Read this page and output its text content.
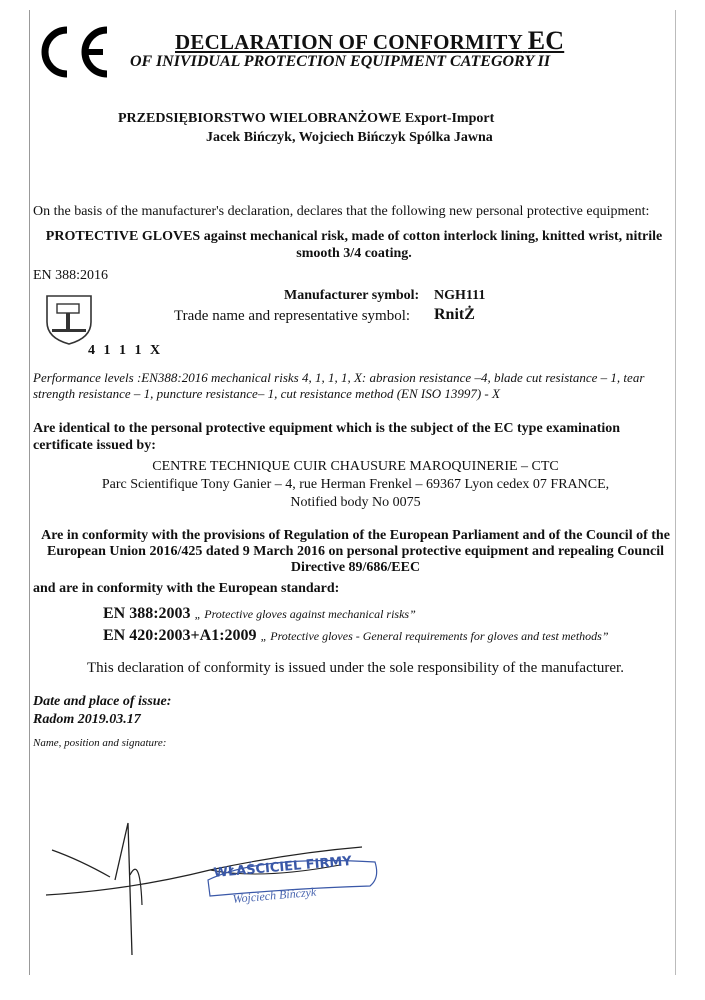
DECLARATION OF CONFORMITY EC
OF INIVIDUAL PROTECTION EQUIPMENT CATEGORY II
PRZEDSIĘBIORSTWO WIELOBRANŻOWE Export-Import
Jacek Bińczyk, Wojciech Bińczyk Spólka Jawna
On the basis of the manufacturer's declaration, declares that the following new personal protective equipment:
PROTECTIVE GLOVES against mechanical risk, made of cotton interlock lining, knitted wrist, nitrile smooth 3/4 coating.
EN 388:2016
4 1 1 1 X
Manufacturer symbol: NGH111
Trade name and representative symbol: RnitŻ
Performance levels :EN388:2016 mechanical risks 4, 1, 1, 1, X: abrasion resistance –4, blade cut resistance – 1, tear strength resistance – 1, puncture resistance– 1, cut resistance method (EN ISO 13997) - X
Are identical to the personal protective equipment which is the subject of the EC type examination certificate issued by:
CENTRE TECHNIQUE CUIR CHAUSURE MAROQUINERIE – CTC
Parc Scientifique Tony Ganier – 4, rue Herman Frenkel – 69367 Lyon cedex 07 FRANCE,
Notified body No 0075
Are in conformity with the provisions of Regulation of the European Parliament and of the Council of the European Union 2016/425 dated 9 March 2016 on personal protective equipment and repealing Council Directive 89/686/EEC
and are in conformity with the European standard:
EN 388:2003 „ Protective gloves against mechanical risks”
EN 420:2003+A1:2009 „ Protective gloves - General requirements for gloves and test methods”
This declaration of conformity is issued under the sole responsibility of the manufacturer.
Date and place of issue:
Radom 2019.03.17
Name, position and signature:
WŁAŚCICIEL FIRMY
Wojciech Bińczyk
